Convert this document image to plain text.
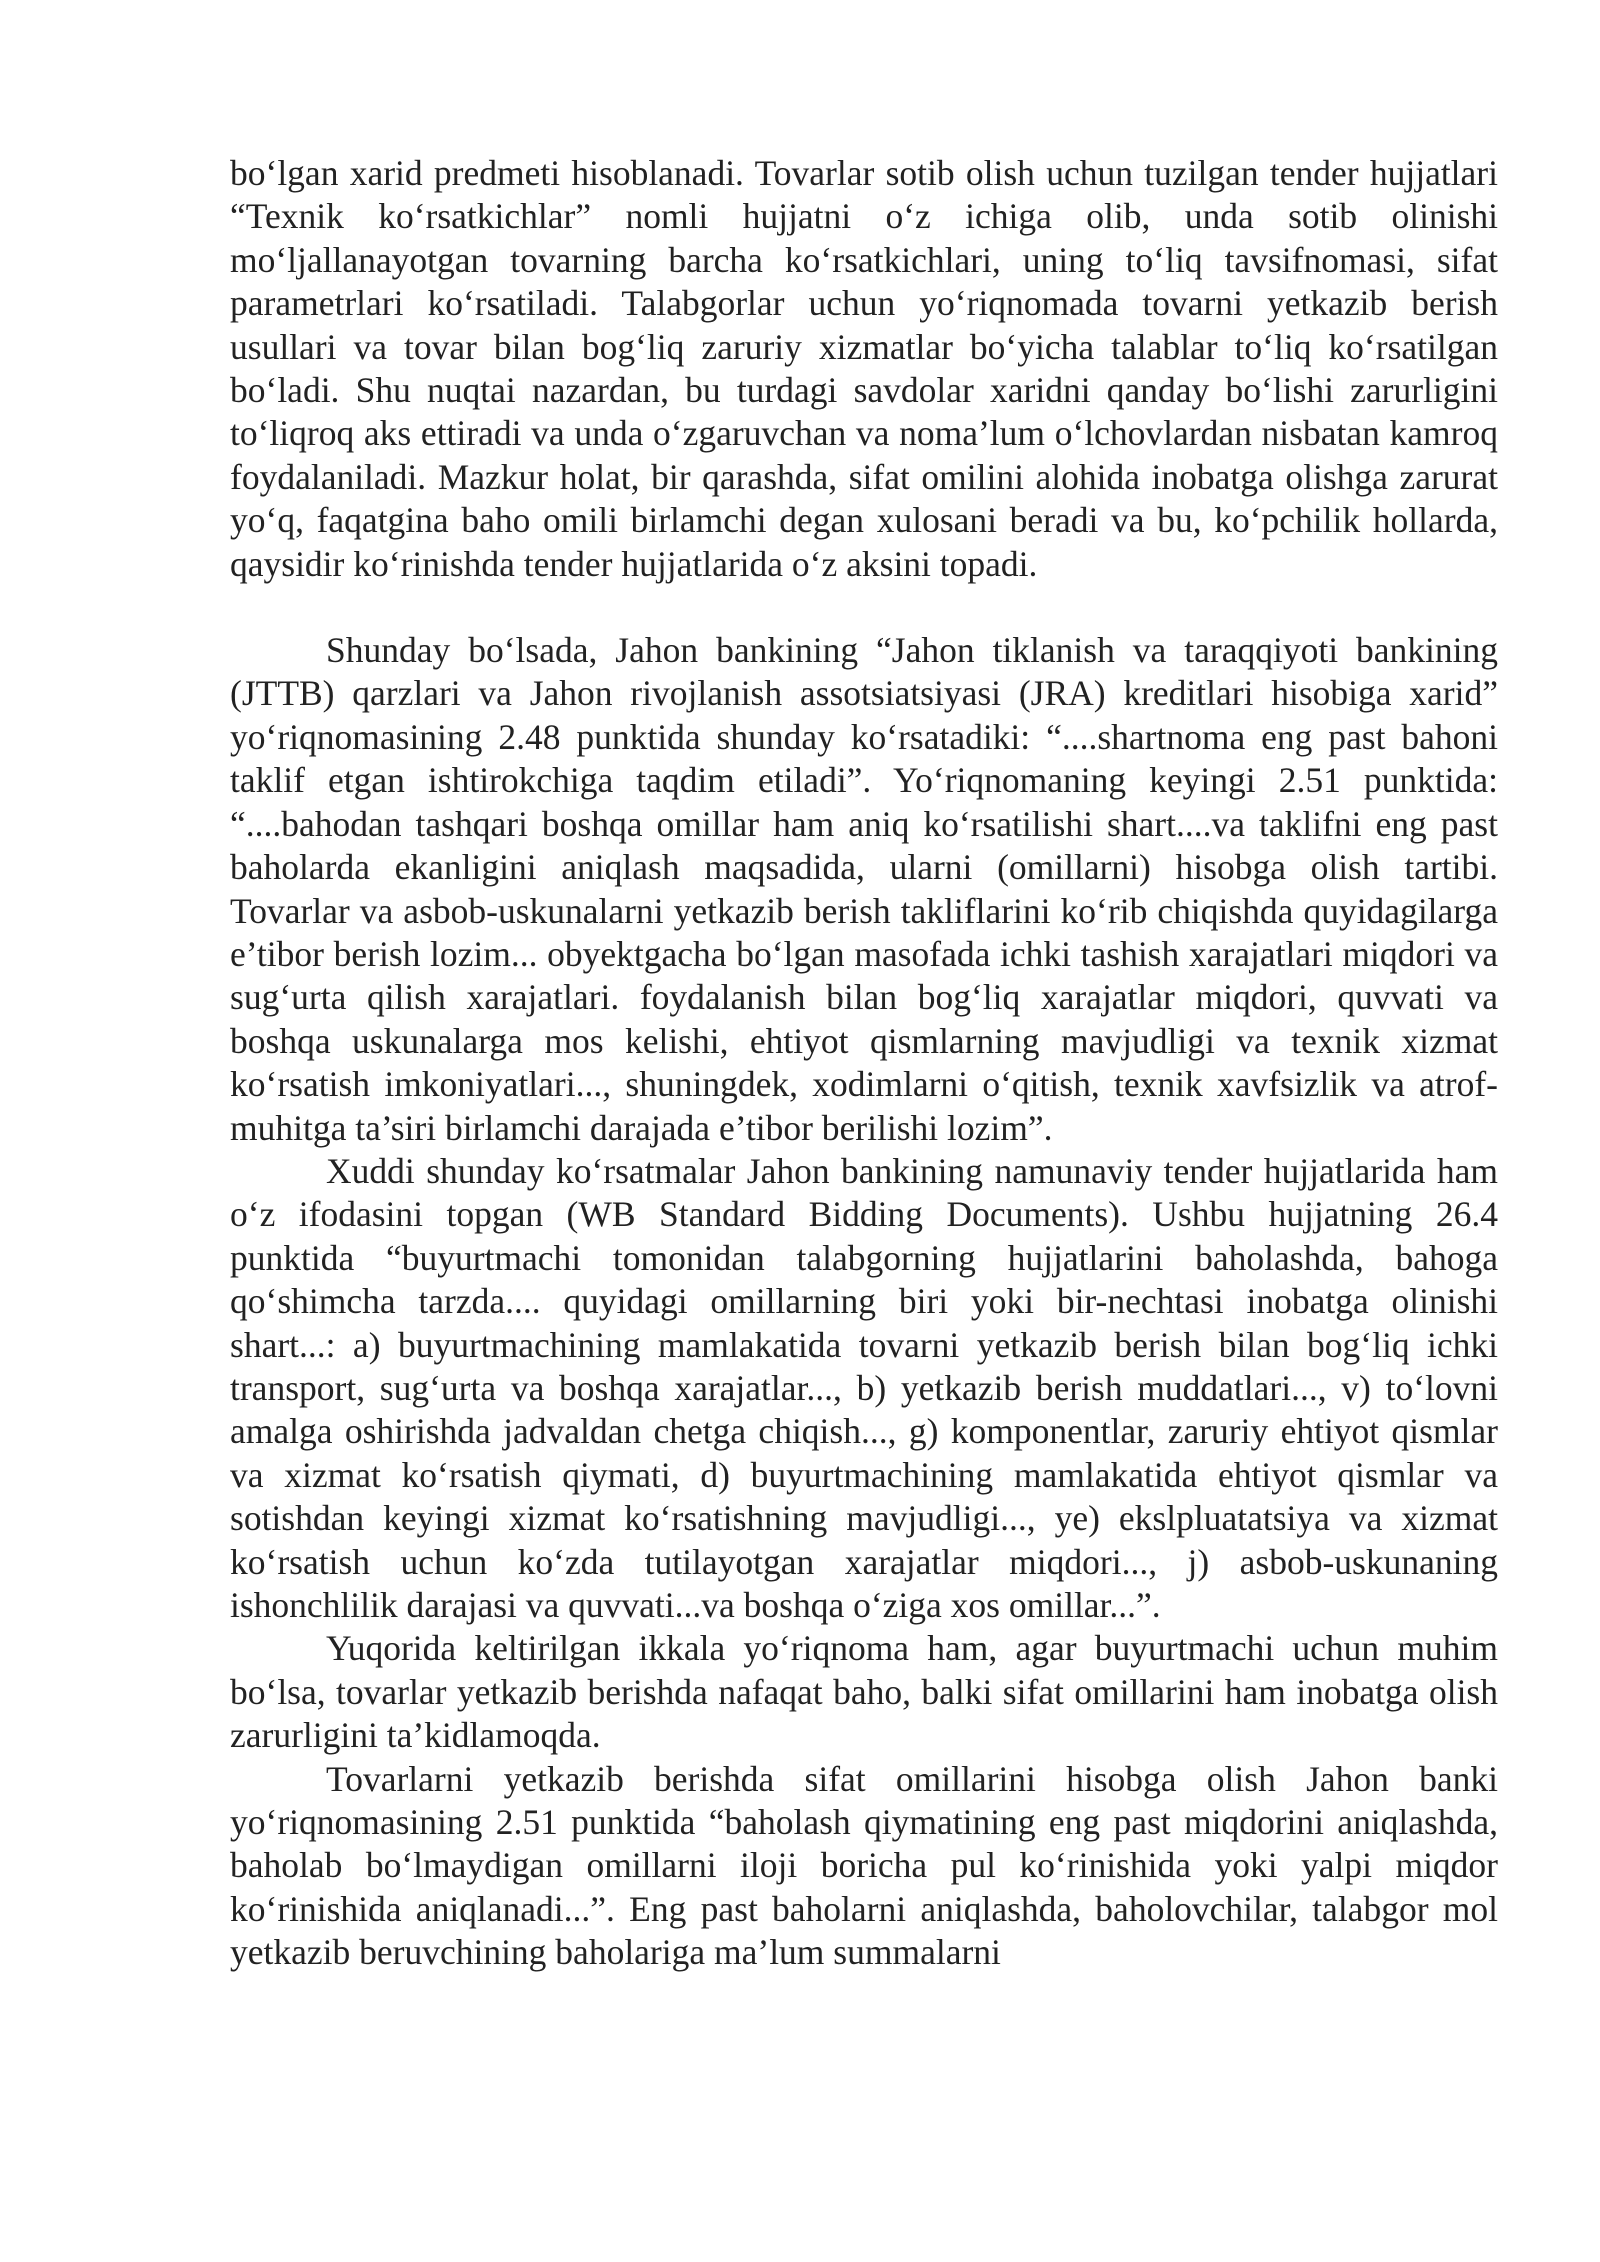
bo‘lgan xarid predmeti hisoblanadi. Tovarlar sotib olish uchun tuzilgan tender hujjatlari “Texnik ko‘rsatkichlar” nomli hujjatni o‘z ichiga olib, unda sotib olinishi mo‘ljallanayotgan tovarning barcha ko‘rsatkichlari, uning to‘liq tavsifnomasi, sifat parametrlari ko‘rsatiladi. Talabgorlar uchun yo‘riqnomada tovarni yetkazib berish usullari va tovar bilan bog‘liq zaruriy xizmatlar bo‘yicha talablar to‘liq ko‘rsatilgan bo‘ladi. Shu nuqtai nazardan, bu turdagi savdolar xaridni qanday bo‘lishi zarurligini to‘liqroq aks ettiradi va unda o‘zgaruvchan va noma’lum o‘lchovlardan nisbatan kamroq foydalaniladi. Mazkur holat, bir qarashda, sifat omilini alohida inobatga olishga zarurat yo‘q, faqatgina baho omili birlamchi degan xulosani beradi va bu, ko‘pchilik hollarda, qaysidir ko‘rinishda tender hujjatlarida o‘z aksini topadi.

Shunday bo‘lsada, Jahon bankining “Jahon tiklanish va taraqqiyoti bankining (JTTB) qarzlari va Jahon rivojlanish assotsiatsiyasi (JRA) kreditlari hisobiga xarid” yo‘riqnomasining 2.48 punktida shunday ko‘rsatadiki: “....shartnoma eng past bahoni taklif etgan ishtirokchiga taqdim etiladi”. Yo‘riqnomaning keyingi 2.51 punktida: “....bahodan tashqari boshqa omillar ham aniq ko‘rsatilishi shart....va taklifni eng past baholarda ekanligini aniqlash maqsadida, ularni (omillarni) hisobga olish tartibi. Tovarlar va asbob-uskunalarni yetkazib berish takliflarini ko‘rib chiqishda quyidagilarga e’tibor berish lozim... obyektgacha bo‘lgan masofada ichki tashish xarajatlari miqdori va sug‘urta qilish xarajatlari. foydalanish bilan bog‘liq xarajatlar miqdori, quvvati va boshqa uskunalarga mos kelishi, ehtiyot qismlarning mavjudligi va texnik xizmat ko‘rsatish imkoniyatlari..., shuningdek, xodimlarni o‘qitish, texnik xavfsizlik va atrof-muhitga ta’siri birlamchi darajada e’tibor berilishi lozim”.

Xuddi shunday ko‘rsatmalar Jahon bankining namunaviy tender hujjatlarida ham o‘z ifodasini topgan (WB Standard Bidding Documents). Ushbu hujjatning 26.4 punktida “buyurtmachi tomonidan talabgorning hujjatlarini baholashda, bahoga qo‘shimcha tarzda.... quyidagi omillarning biri yoki bir-nechtasi inobatga olinishi shart...: a) buyurtmachining mamlakatida tovarni yetkazib berish bilan bog‘liq ichki transport, sug‘urta va boshqa xarajatlar..., b) yetkazib berish muddatlari..., v) to‘lovni amalga oshirishda jadvaldan chetga chiqish..., g) komponentlar, zaruriy ehtiyot qismlar va xizmat ko‘rsatish qiymati, d) buyurtmachining mamlakatida ehtiyot qismlar va sotishdan keyingi xizmat ko‘rsatishning mavjudligi..., ye) ekslpluatatsiya va xizmat ko‘rsatish uchun ko‘zda tutilayotgan xarajatlar miqdori..., j) asbob-uskunaning ishonchlilik darajasi va quvvati...va boshqa o‘ziga xos omillar...”.

Yuqorida keltirilgan ikkala yo‘riqnoma ham, agar buyurtmachi uchun muhim bo‘lsa, tovarlar yetkazib berishda nafaqat baho, balki sifat omillarini ham inobatga olish zarurligini ta’kidlamoqda.

Tovarlarni yetkazib berishda sifat omillarini hisobga olish Jahon banki yo‘riqnomasining 2.51 punktida “baholash qiymatining eng past miqdorini aniqlashda, baholab bo‘lmaydigan omillarni iloji boricha pul ko‘rinishida yoki yalpi miqdor ko‘rinishida aniqlanadi...”. Eng past baholarni aniqlashda, baholovchilar, talabgor mol yetkazib beruvchining baholariga ma’lum summalarni
